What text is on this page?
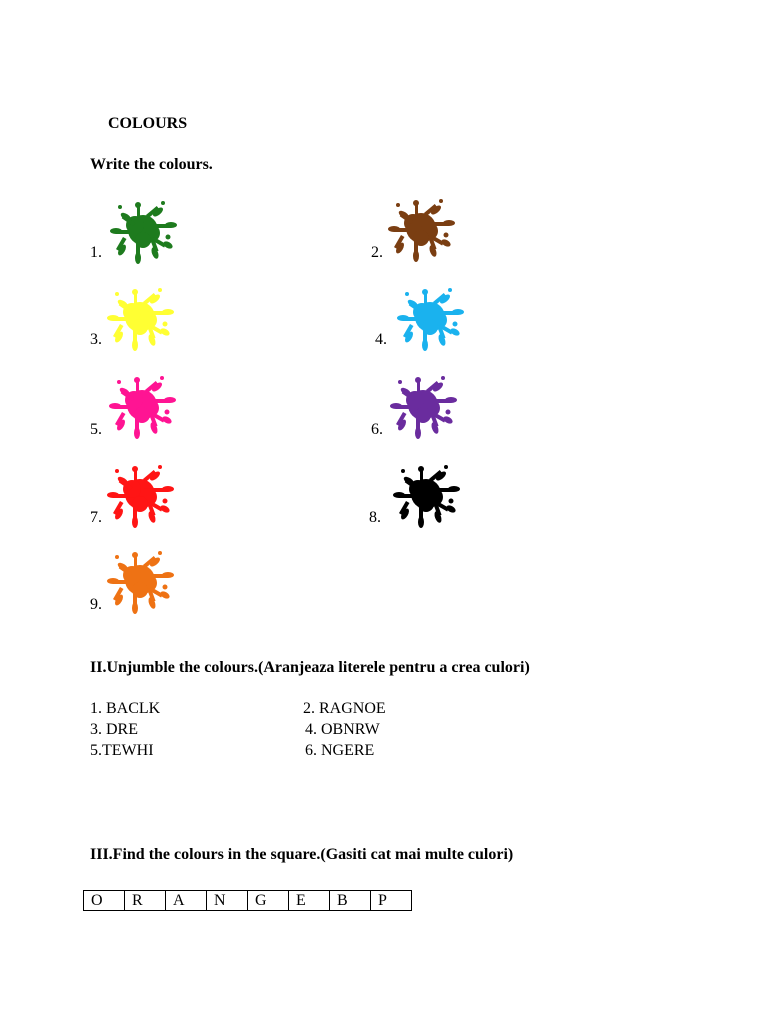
COLOURS
Write the colours.
1.	2.
3.	4.
5.	6.
7.	8.
9.
II.Unjumble the colours.(Aranjeaza literele pentru a crea culori)
1. BACLK	2. RAGNOE
3. DRE	4. OBNRW
5.TEWHI	6. NGERE
III.Find the colours in the square.(Gasiti cat mai multe culori)
O	R	A	N	G	E	B	P
